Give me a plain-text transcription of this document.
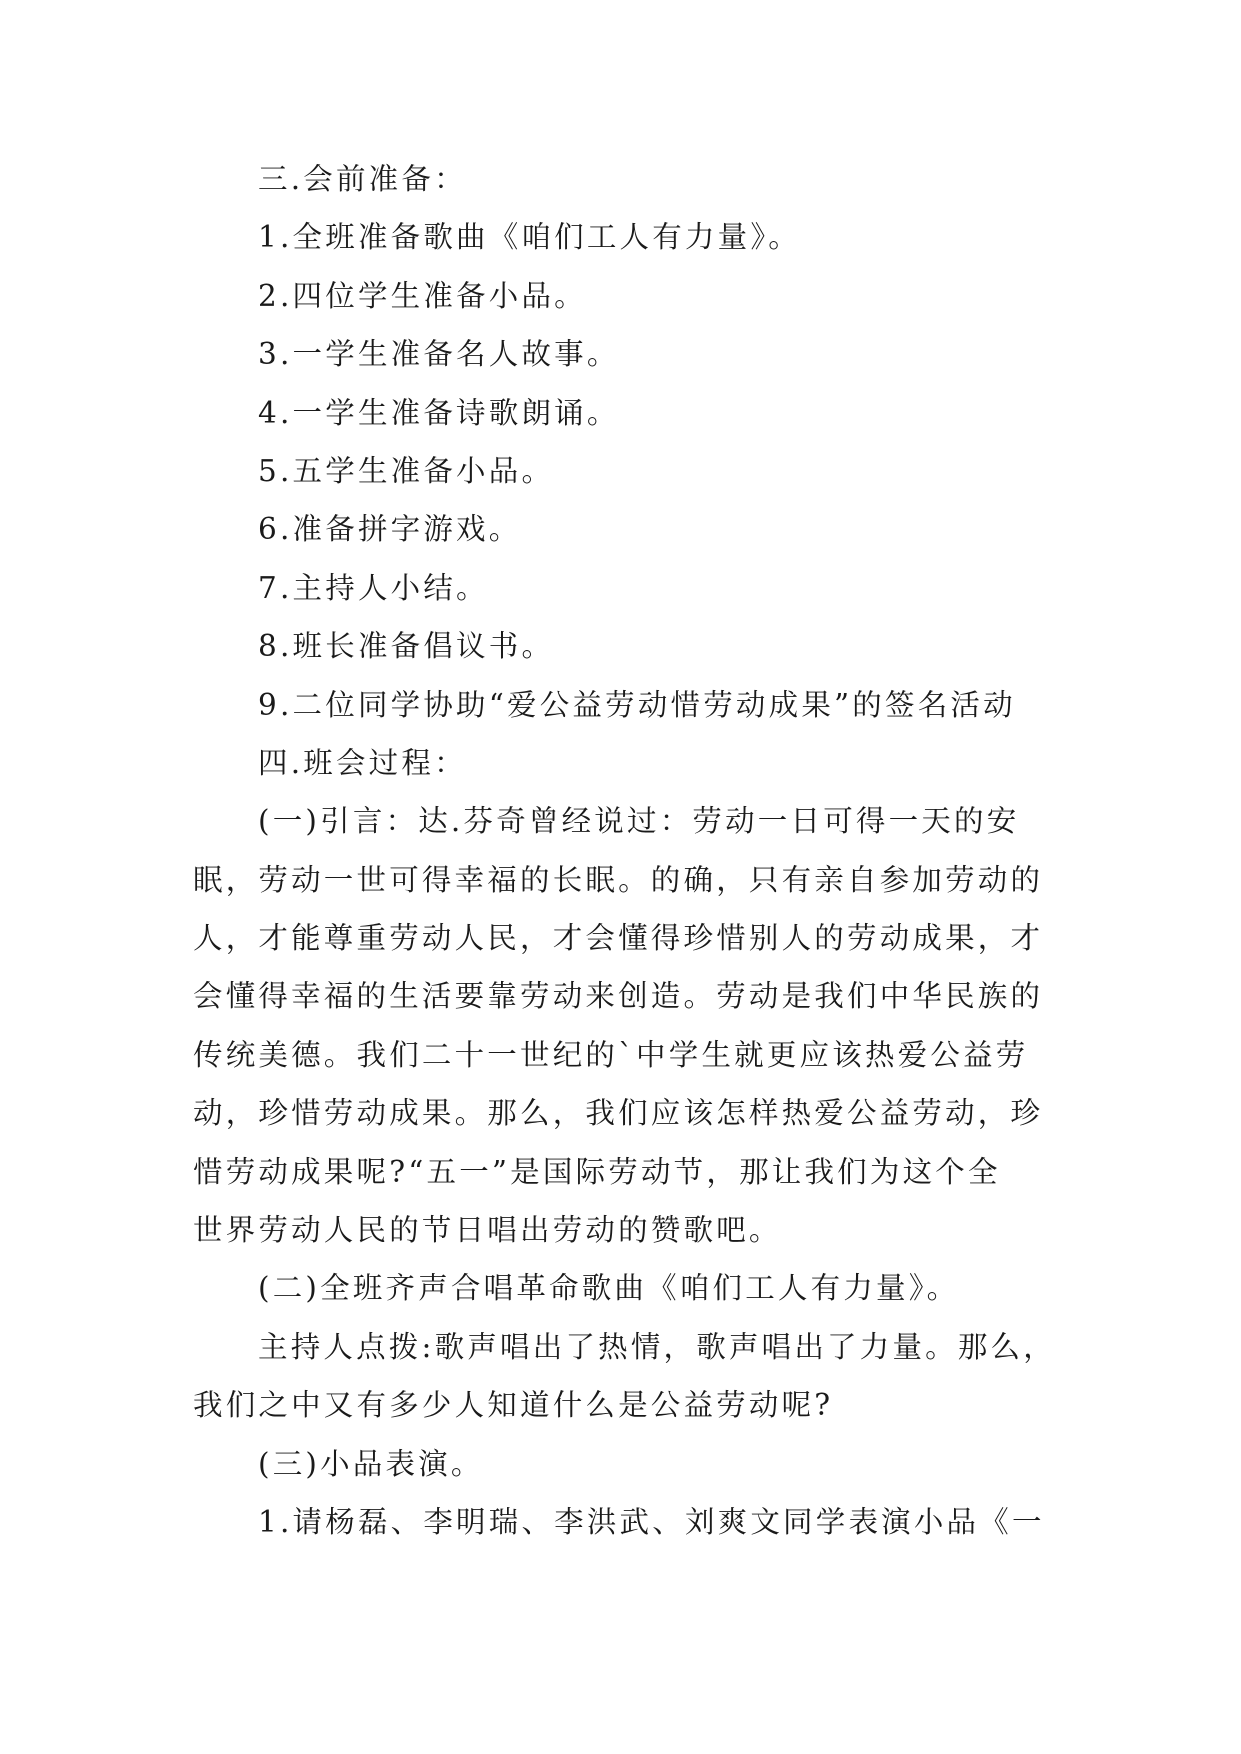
三.会前准备：
1.全班准备歌曲《咱们工人有力量》。
2.四位学生准备小品。
3.一学生准备名人故事。
4.一学生准备诗歌朗诵。
5.五学生准备小品。
6.准备拼字游戏。
7.主持人小结。
8.班长准备倡议书。
9.二位同学协助“爱公益劳动惜劳动成果”的签名活动
四.班会过程：
(一)引言：达.芬奇曾经说过：劳动一日可得一天的安
眠，劳动一世可得幸福的长眠。的确，只有亲自参加劳动的
人，才能尊重劳动人民，才会懂得珍惜别人的劳动成果，才
会懂得幸福的生活要靠劳动来创造。劳动是我们中华民族的
传统美德。我们二十一世纪的`中学生就更应该热爱公益劳
动，珍惜劳动成果。那么，我们应该怎样热爱公益劳动，珍
惜劳动成果呢?“五一”是国际劳动节，那让我们为这个全
世界劳动人民的节日唱出劳动的赞歌吧。
(二)全班齐声合唱革命歌曲《咱们工人有力量》。
主持人点拨:歌声唱出了热情，歌声唱出了力量。那么，
我们之中又有多少人知道什么是公益劳动呢?
(三)小品表演。
1.请杨磊、李明瑞、李洪武、刘爽文同学表演小品《一
